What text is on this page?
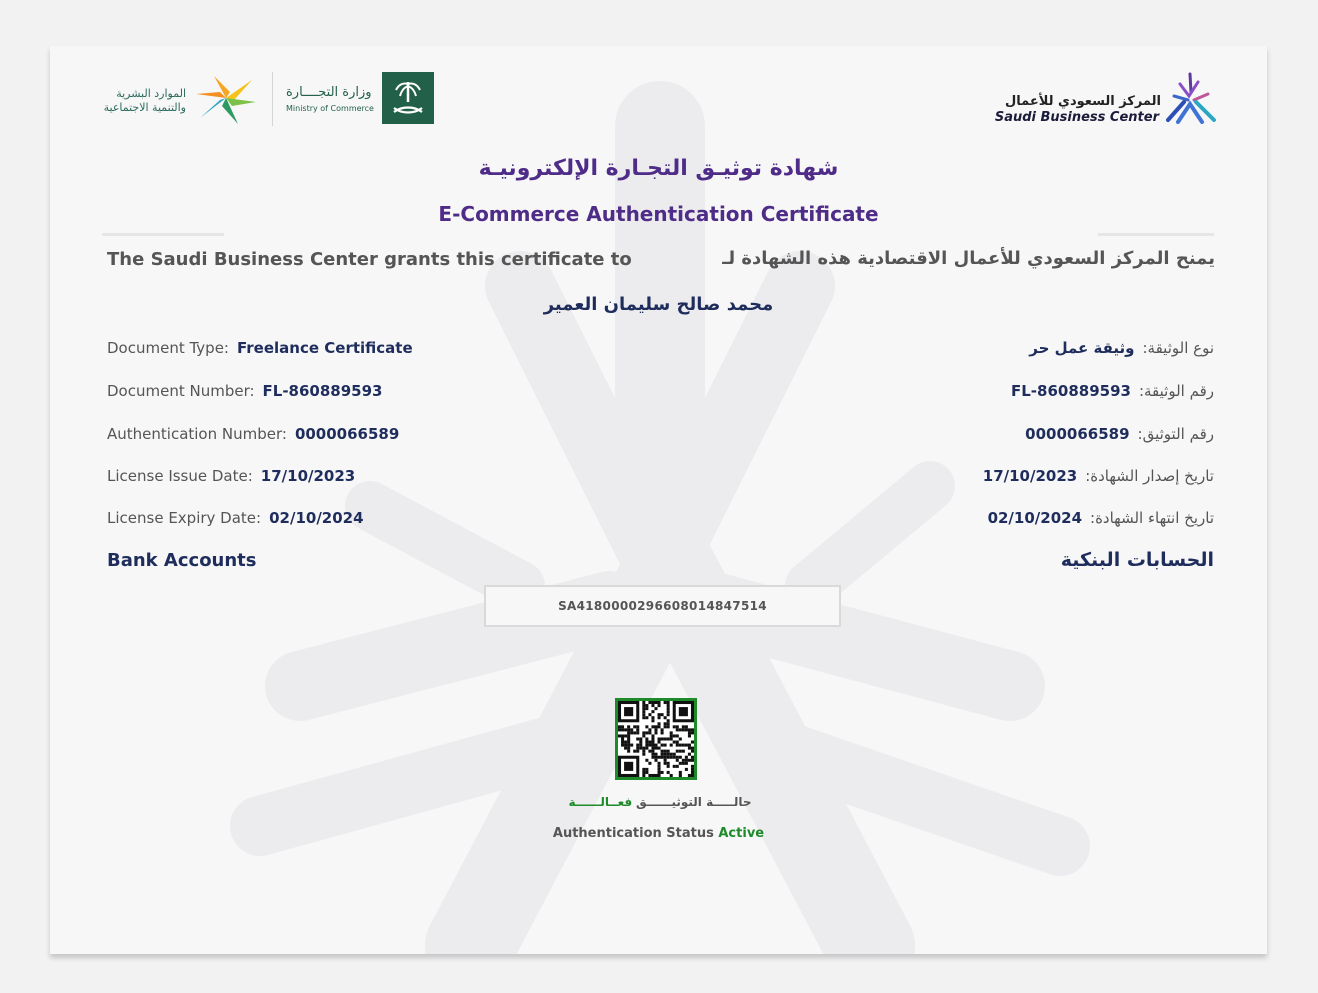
المركز السعودي للأعمال
Saudi Business Center
وزارة التجــــارة
Ministry of Commerce
الموارد البشرية
والتنمية الاجتماعية
شهادة توثيـق التجـارة الإلكترونيـة
E-Commerce Authentication Certificate
The Saudi Business Center grants this certificate to	يمنح المركز السعودي للأعمال الاقتصادية هذه الشهادة لـ
محمد صالح سليمان العمير
Document Type: Freelance Certificate
Document Number: FL-860889593
Authentication Number: 0000066589
License Issue Date: 17/10/2023
License Expiry Date: 02/10/2024
نوع الوثيقة:وثيقة عمل حر
رقم الوثيقة:FL-860889593
رقم التوثيق:0000066589
تاريخ إصدار الشهادة:17/10/2023
تاريخ انتهاء الشهادة:02/10/2024
Bank Accounts	الحسابات البنكية
SA4180000296608014847514
حالـــــة التوثيــــــق فعــالــــــة
Authentication Status Active
